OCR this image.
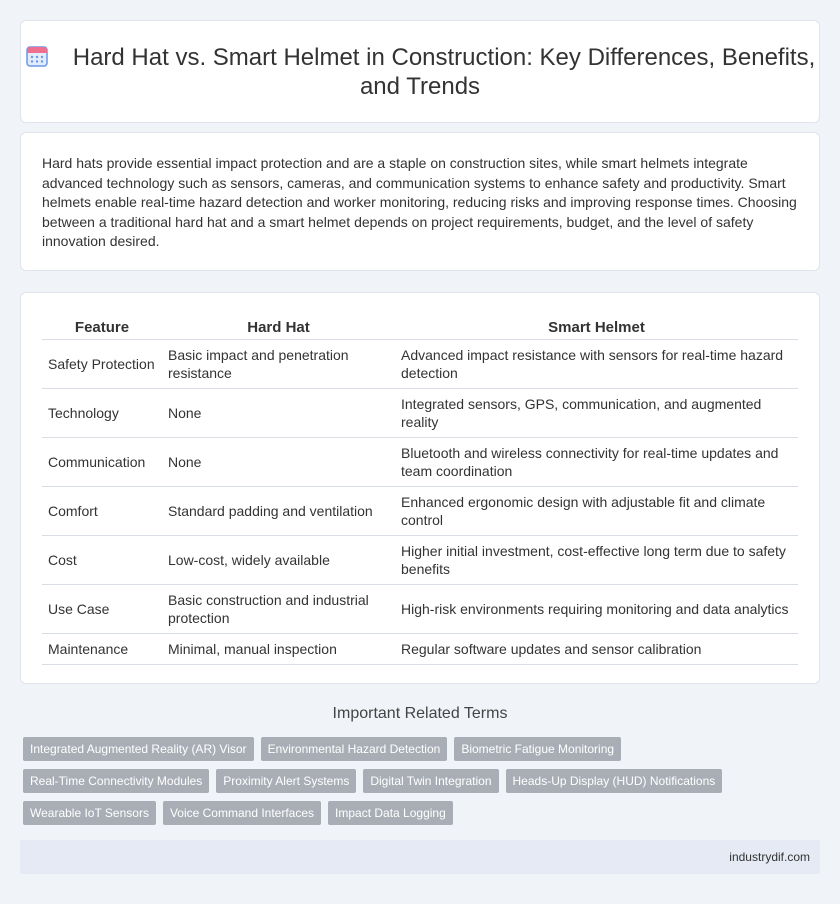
Hard Hat vs. Smart Helmet in Construction: Key Differences, Benefits, and Trends

Hard hats provide essential impact protection and are a staple on construction sites, while smart helmets integrate advanced technology such as sensors, cameras, and communication systems to enhance safety and productivity. Smart helmets enable real-time hazard detection and worker monitoring, reducing risks and improving response times. Choosing between a traditional hard hat and a smart helmet depends on project requirements, budget, and the level of safety innovation desired.

Feature	Hard Hat	Smart Helmet
Safety Protection	Basic impact and penetration resistance	Advanced impact resistance with sensors for real-time hazard detection
Technology	None	Integrated sensors, GPS, communication, and augmented reality
Communication	None	Bluetooth and wireless connectivity for real-time updates and team coordination
Comfort	Standard padding and ventilation	Enhanced ergonomic design with adjustable fit and climate control
Cost	Low-cost, widely available	Higher initial investment, cost-effective long term due to safety benefits
Use Case	Basic construction and industrial protection	High-risk environments requiring monitoring and data analytics
Maintenance	Minimal, manual inspection	Regular software updates and sensor calibration
Important Related Terms
Integrated Augmented Reality (AR) Visor	Environmental Hazard Detection	Biometric Fatigue Monitoring
Real-Time Connectivity Modules	Proximity Alert Systems	Digital Twin Integration	Heads-Up Display (HUD) Notifications
Wearable IoT Sensors	Voice Command Interfaces	Impact Data Logging
industrydif.com
